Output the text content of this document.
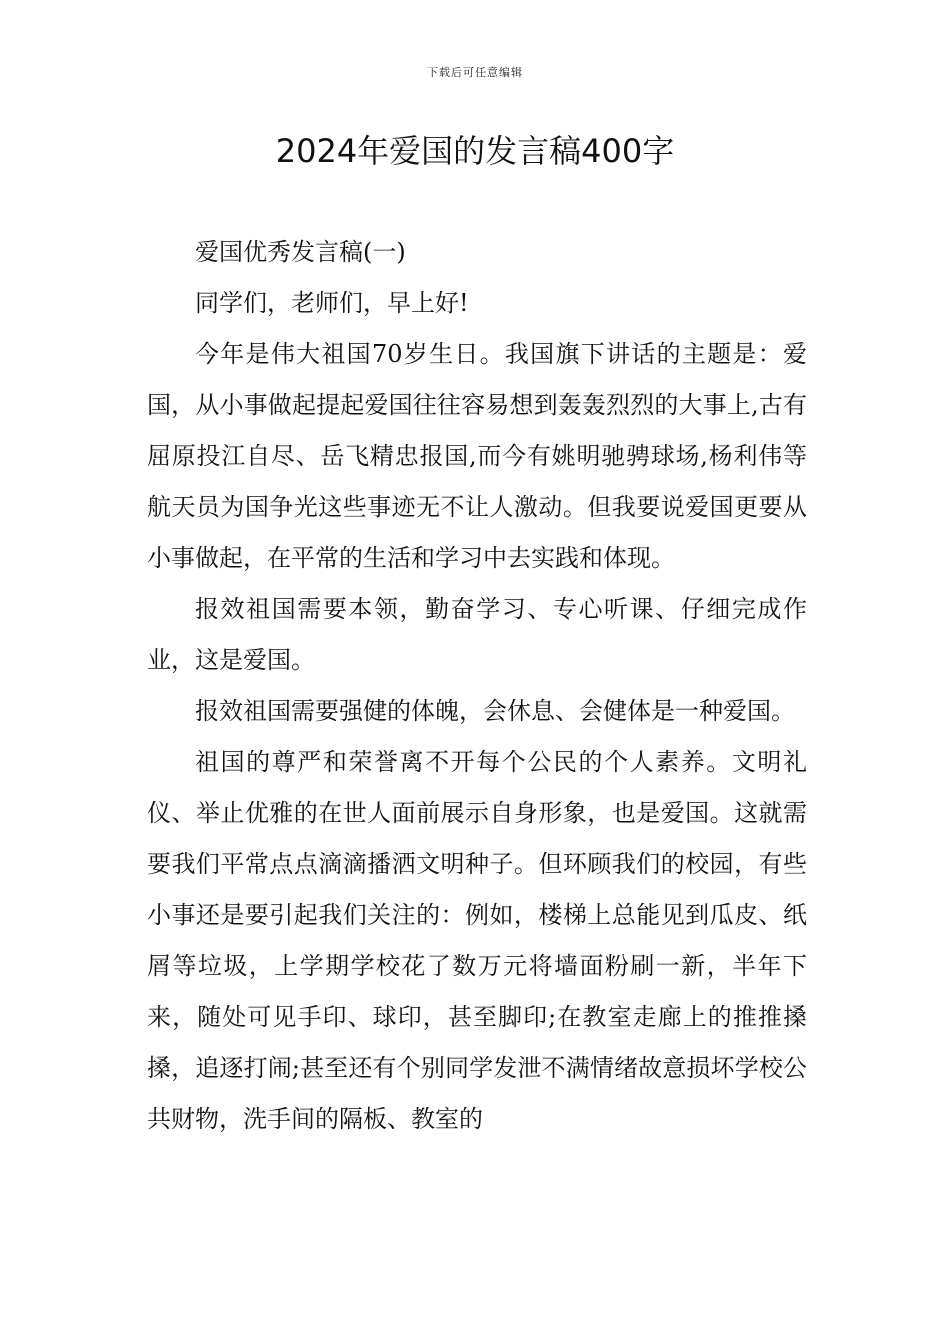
下载后可任意编辑
2024年爱国的发言稿400字

爱国优秀发言稿(一)

同学们，老师们，早上好!

今年是伟大祖国70岁生日。我国旗下讲话的主题是：爱国，从小事做起提起爱国往往容易想到轰轰烈烈的大事上,古有屈原投江自尽、岳飞精忠报国,而今有姚明驰骋球场,杨利伟等航天员为国争光这些事迹无不让人激动。但我要说爱国更要从小事做起，在平常的生活和学习中去实践和体现。

报效祖国需要本领，勤奋学习、专心听课、仔细完成作业，这是爱国。

报效祖国需要强健的体魄，会休息、会健体是一种爱国。

祖国的尊严和荣誉离不开每个公民的个人素养。文明礼仪、举止优雅的在世人面前展示自身形象，也是爱国。这就需要我们平常点点滴滴播洒文明种子。但环顾我们的校园，有些小事还是要引起我们关注的：例如，楼梯上总能见到瓜皮、纸屑等垃圾，上学期学校花了数万元将墙面粉刷一新，半年下来，随处可见手印、球印，甚至脚印;在教室走廊上的推推搡搡，追逐打闹;甚至还有个别同学发泄不满情绪故意损坏学校公共财物，洗手间的隔板、教室的
